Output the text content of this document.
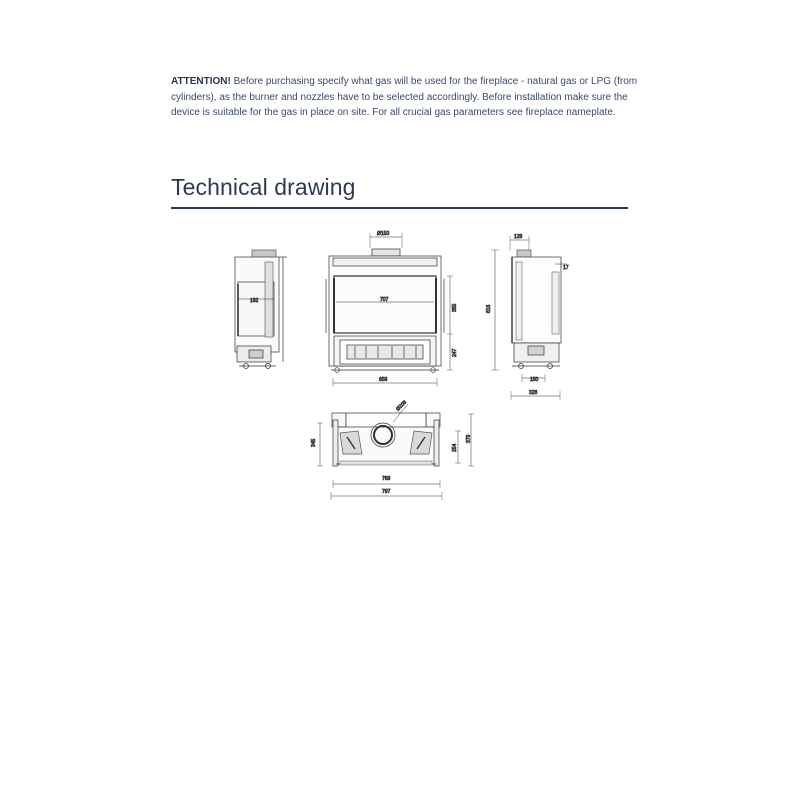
ATTENTION! Before purchasing specify what gas will be used for the fireplace - natural gas or LPG (from cylinders), as the burner and nozzles have to be selected accordingly. Before installation make sure the device is suitable for the gas in place on site. For all crucial gas parameters see fireplace nameplate.
Technical drawing
192
Ø150
707
355
247
658
126
17
816
150
328
Ø208
345
254
379
769
797
